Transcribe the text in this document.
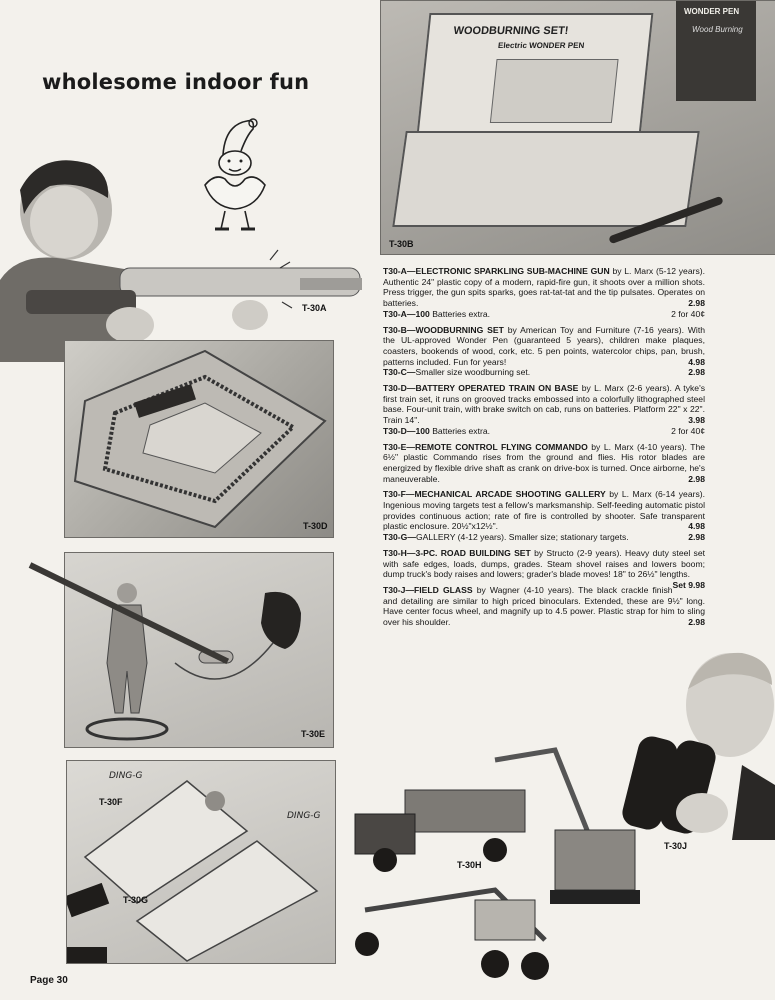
wholesome indoor fun
T-30A
WOODBURNING SET!
Electric WONDER PEN
WONDER PEN
Wood Burning
T-30B
T-30D
T-30E
T-30F
T-30G
DING-G
DING-G
T-30H
T-30J

T30-A—ELECTRONIC SPARKLING SUB-MACHINE GUN by L. Marx (5-12 years). Authentic 24" plastic copy of a modern, rapid-fire gun, it shoots over a million shots. Press trigger, the gun spits sparks, goes rat-tat-tat and the tip pulsates. Operates on batteries.	2.98

T30-A—100 Batteries extra.	2 for 40¢

T30-B—WOODBURNING SET by American Toy and Furniture (7-16 years). With the UL-approved Wonder Pen (guaranteed 5 years), children make plaques, coasters, bookends of wood, cork, etc. 5 pen points, watercolor chips, pan, brush, patterns included. Fun for years!	4.98

T30-C—Smaller size woodburning set.	2.98

T30-D—BATTERY OPERATED TRAIN ON BASE by L. Marx (2-6 years). A tyke's first train set, it runs on grooved tracks embossed into a colorfully lithographed steel base. Four-unit train, with brake switch on cab, runs on batteries. Platform 22" x 22". Train 14".	3.98

T30-D—100 Batteries extra.	2 for 40¢

T30-E—REMOTE CONTROL FLYING COMMANDO by L. Marx (4-10 years). The 6½" plastic Commando rises from the ground and flies. His rotor blades are energized by flexible drive shaft as crank on drive-box is turned. Once airborne, he's maneuverable.	2.98

T30-F—MECHANICAL ARCADE SHOOTING GALLERY by L. Marx (6-14 years). Ingenious moving targets test a fellow's marksmanship. Self-feeding automatic pistol provides continuous action; rate of fire is controlled by shooter. Safe transparent plastic enclosure. 20½"x12½".	4.98

T30-G—GALLERY (4-12 years). Smaller size; stationary targets.	2.98

T30-H—3-PC. ROAD BUILDING SET by Structo (2-9 years). Heavy duty steel set with safe edges, loads, dumps, grades. Steam shovel raises and lowers boom; dump truck's body raises and lowers; grader's blade moves! 18" to 26½" lengths.
Set 9.98

T30-J—FIELD GLASS by Wagner (4-10 years). The black crackle finish and detailing are similar to high priced binoculars. Extended, these are 9½" long. Have center focus wheel, and magnify up to 4.5 power. Plastic strap for him to sling over his shoulder.	2.98

Page 30
